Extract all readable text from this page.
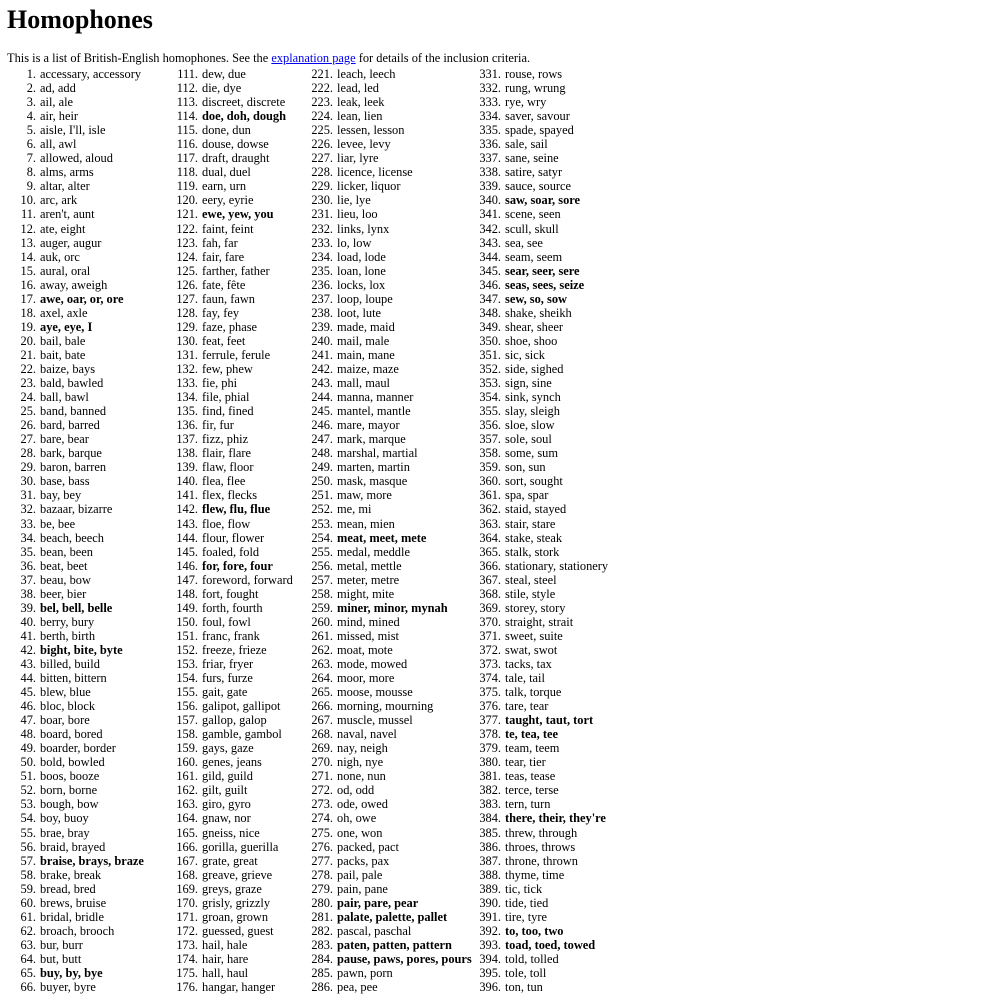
Homophones

This is a list of British-English homophones. See the explanation page for details of the inclusion criteria.

1. accessary, accessory
2. ad, add
3. ail, ale
4. air, heir
5. aisle, I'll, isle
6. all, awl
7. allowed, aloud
8. alms, arms
9. altar, alter
10. arc, ark
11. aren't, aunt
12. ate, eight
13. auger, augur
14. auk, orc
15. aural, oral
16. away, aweigh
17. awe, oar, or, ore
18. axel, axle
19. aye, eye, I
20. bail, bale
21. bait, bate
22. baize, bays
23. bald, bawled
24. ball, bawl
25. band, banned
26. bard, barred
27. bare, bear
28. bark, barque
29. baron, barren
30. base, bass
31. bay, bey
32. bazaar, bizarre
33. be, bee
34. beach, beech
35. bean, been
36. beat, beet
37. beau, bow
38. beer, bier
39. bel, bell, belle
40. berry, bury
41. berth, birth
42. bight, bite, byte
43. billed, build
44. bitten, bittern
45. blew, blue
46. bloc, block
47. boar, bore
48. board, bored
49. boarder, border
50. bold, bowled
51. boos, booze
52. born, borne
53. bough, bow
54. boy, buoy
55. brae, bray
56. braid, brayed
57. braise, brays, braze
58. brake, break
59. bread, bred
60. brews, bruise
61. bridal, bridle
62. broach, brooch
63. bur, burr
64. but, butt
65. buy, by, bye
66. buyer, byre
111. dew, due
112. die, dye
113. discreet, discrete
114. doe, doh, dough
115. done, dun
116. douse, dowse
117. draft, draught
118. dual, duel
119. earn, urn
120. eery, eyrie
121. ewe, yew, you
122. faint, feint
123. fah, far
124. fair, fare
125. farther, father
126. fate, fête
127. faun, fawn
128. fay, fey
129. faze, phase
130. feat, feet
131. ferrule, ferule
132. few, phew
133. fie, phi
134. file, phial
135. find, fined
136. fir, fur
137. fizz, phiz
138. flair, flare
139. flaw, floor
140. flea, flee
141. flex, flecks
142. flew, flu, flue
143. floe, flow
144. flour, flower
145. foaled, fold
146. for, fore, four
147. foreword, forward
148. fort, fought
149. forth, fourth
150. foul, fowl
151. franc, frank
152. freeze, frieze
153. friar, fryer
154. furs, furze
155. gait, gate
156. galipot, gallipot
157. gallop, galop
158. gamble, gambol
159. gays, gaze
160. genes, jeans
161. gild, guild
162. gilt, guilt
163. giro, gyro
164. gnaw, nor
165. gneiss, nice
166. gorilla, guerilla
167. grate, great
168. greave, grieve
169. greys, graze
170. grisly, grizzly
171. groan, grown
172. guessed, guest
173. hail, hale
174. hair, hare
175. hall, haul
176. hangar, hanger
221. leach, leech
222. lead, led
223. leak, leek
224. lean, lien
225. lessen, lesson
226. levee, levy
227. liar, lyre
228. licence, license
229. licker, liquor
230. lie, lye
231. lieu, loo
232. links, lynx
233. lo, low
234. load, lode
235. loan, lone
236. locks, lox
237. loop, loupe
238. loot, lute
239. made, maid
240. mail, male
241. main, mane
242. maize, maze
243. mall, maul
244. manna, manner
245. mantel, mantle
246. mare, mayor
247. mark, marque
248. marshal, martial
249. marten, martin
250. mask, masque
251. maw, more
252. me, mi
253. mean, mien
254. meat, meet, mete
255. medal, meddle
256. metal, mettle
257. meter, metre
258. might, mite
259. miner, minor, mynah
260. mind, mined
261. missed, mist
262. moat, mote
263. mode, mowed
264. moor, more
265. moose, mousse
266. morning, mourning
267. muscle, mussel
268. naval, navel
269. nay, neigh
270. nigh, nye
271. none, nun
272. od, odd
273. ode, owed
274. oh, owe
275. one, won
276. packed, pact
277. packs, pax
278. pail, pale
279. pain, pane
280. pair, pare, pear
281. palate, palette, pallet
282. pascal, paschal
283. paten, patten, pattern
284. pause, paws, pores, pours
285. pawn, porn
286. pea, pee
331. rouse, rows
332. rung, wrung
333. rye, wry
334. saver, savour
335. spade, spayed
336. sale, sail
337. sane, seine
338. satire, satyr
339. sauce, source
340. saw, soar, sore
341. scene, seen
342. scull, skull
343. sea, see
344. seam, seem
345. sear, seer, sere
346. seas, sees, seize
347. sew, so, sow
348. shake, sheikh
349. shear, sheer
350. shoe, shoo
351. sic, sick
352. side, sighed
353. sign, sine
354. sink, synch
355. slay, sleigh
356. sloe, slow
357. sole, soul
358. some, sum
359. son, sun
360. sort, sought
361. spa, spar
362. staid, stayed
363. stair, stare
364. stake, steak
365. stalk, stork
366. stationary, stationery
367. steal, steel
368. stile, style
369. storey, story
370. straight, strait
371. sweet, suite
372. swat, swot
373. tacks, tax
374. tale, tail
375. talk, torque
376. tare, tear
377. taught, taut, tort
378. te, tea, tee
379. team, teem
380. tear, tier
381. teas, tease
382. terce, terse
383. tern, turn
384. there, their, they're
385. threw, through
386. throes, throws
387. throne, thrown
388. thyme, time
389. tic, tick
390. tide, tied
391. tire, tyre
392. to, too, two
393. toad, toed, towed
394. told, tolled
395. tole, toll
396. ton, tun
